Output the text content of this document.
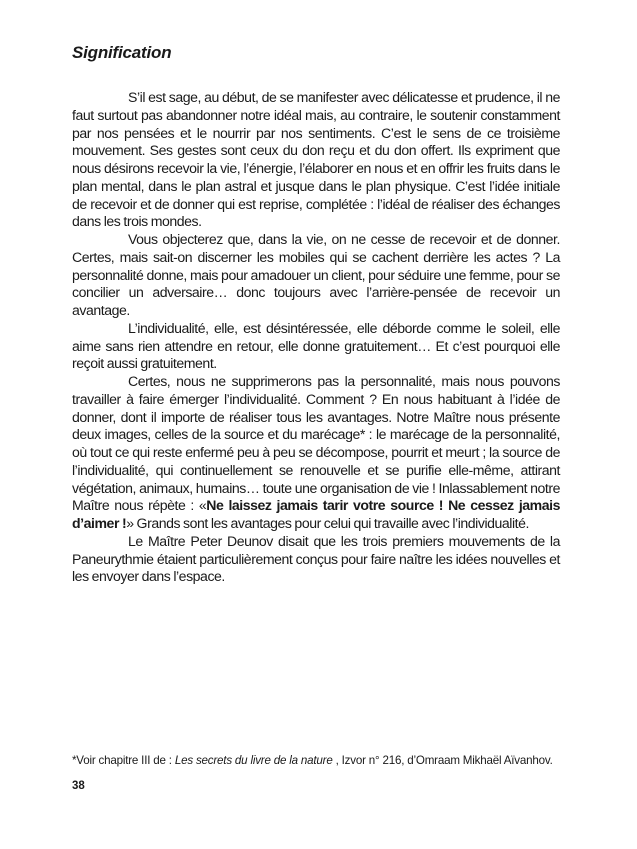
Signification

S’il est sage, au début, de se manifester avec délicatesse et prudence, il ne faut surtout pas abandonner notre idéal mais, au contraire, le soutenir constamment par nos pensées et le nourrir par nos sentiments. C’est le sens de ce troisième mouvement. Ses gestes sont ceux du don reçu et du don offert. Ils expriment que nous désirons recevoir la vie, l’énergie, l’élaborer en nous et en offrir les fruits dans le plan mental, dans le plan astral et jusque dans le plan physique. C’est l’idée initiale de recevoir et de donner qui est reprise, complétée : l’idéal de réaliser des échanges dans les trois mondes.

Vous objecterez que, dans la vie, on ne cesse de recevoir et de donner. Certes, mais sait-on discerner les mobiles qui se cachent derrière les actes ? La personnalité donne, mais pour amadouer un client, pour séduire une femme, pour se concilier un adversaire… donc toujours avec l’arrière-pensée de recevoir un avantage.

L’individualité, elle, est désintéressée, elle déborde comme le soleil, elle aime sans rien attendre en retour, elle donne gratuitement… Et c’est pourquoi elle reçoit aussi gratuitement.

Certes, nous ne supprimerons pas la personnalité, mais nous pouvons travailler à faire émerger l’individualité. Comment ? En nous habituant à l’idée de donner, dont il importe de réaliser tous les avantages. Notre Maître nous présente deux images, celles de la source et du marécage* : le marécage de la personnalité, où tout ce qui reste enfermé peu à peu se décompose, pourrit et meurt ; la source de l’individualité, qui continuellement se renouvelle et se purifie elle-même, attirant végétation, animaux, humains… toute une organisation de vie ! Inlassablement notre Maître nous répète : «Ne laissez jamais tarir votre source ! Ne cessez jamais d’aimer !» Grands sont les avantages pour celui qui travaille avec l’individualité.

Le Maître Peter Deunov disait que les trois premiers mouvements de la Paneurythmie étaient particulièrement conçus pour faire naître les idées nouvelles et les envoyer dans l’espace.

*Voir chapitre III de : Les secrets du livre de la nature , Izvor n° 216, d’Omraam Mikhaël Aïvanhov.
38
